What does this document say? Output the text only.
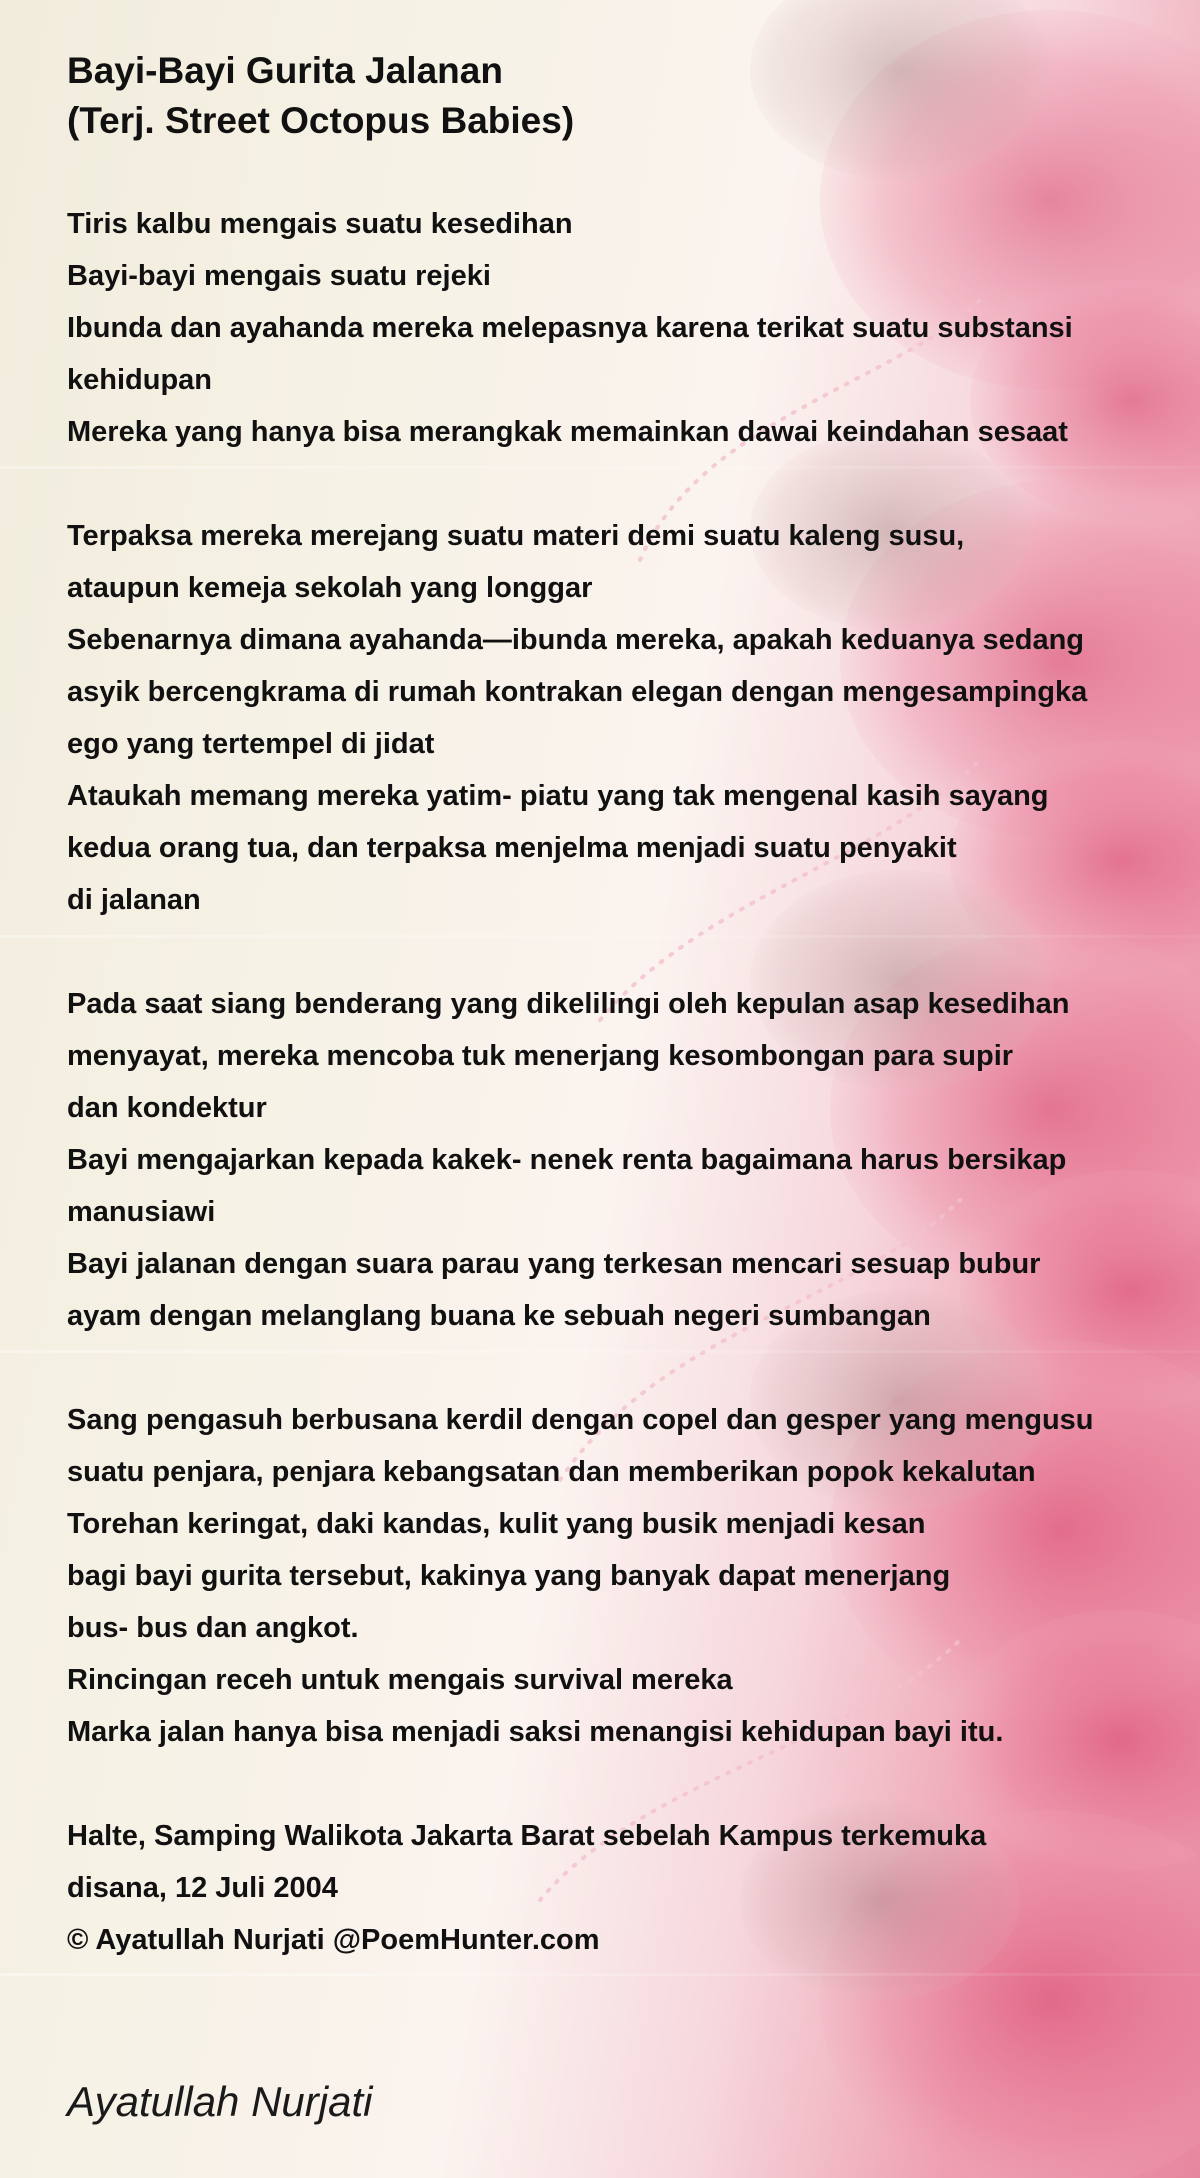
Bayi-Bayi Gurita Jalanan
(Terj. Street Octopus Babies)
Tiris kalbu mengais suatu kesedihan
Bayi-bayi mengais suatu rejeki
Ibunda dan ayahanda mereka melepasnya karena terikat suatu substansi
kehidupan
Mereka yang hanya bisa merangkak memainkan dawai keindahan sesaat
Terpaksa mereka merejang suatu materi demi suatu kaleng susu,
ataupun kemeja sekolah yang longgar
Sebenarnya dimana ayahanda—ibunda mereka, apakah keduanya sedang
asyik bercengkrama di rumah kontrakan elegan dengan mengesampingka
ego yang tertempel di jidat
Ataukah memang mereka yatim- piatu yang tak mengenal kasih sayang
kedua orang tua, dan terpaksa menjelma menjadi suatu penyakit
di jalanan
Pada saat siang benderang yang dikelilingi oleh kepulan asap kesedihan
menyayat, mereka mencoba tuk menerjang kesombongan para supir
dan kondektur
Bayi mengajarkan kepada kakek- nenek renta bagaimana harus bersikap
manusiawi
Bayi jalanan dengan suara parau yang terkesan mencari sesuap bubur
ayam dengan melanglang buana ke sebuah negeri sumbangan
Sang pengasuh berbusana kerdil dengan copel dan gesper yang mengusu
suatu penjara, penjara kebangsatan dan memberikan popok kekalutan
Torehan keringat, daki kandas, kulit yang busik menjadi kesan
bagi bayi gurita tersebut, kakinya yang banyak dapat menerjang
bus- bus dan angkot.
Rincingan receh untuk mengais survival mereka
Marka jalan hanya bisa menjadi saksi menangisi kehidupan bayi itu.
Halte, Samping Walikota Jakarta Barat sebelah Kampus terkemuka
disana, 12 Juli 2004
© Ayatullah Nurjati @PoemHunter.com
Ayatullah Nurjati
